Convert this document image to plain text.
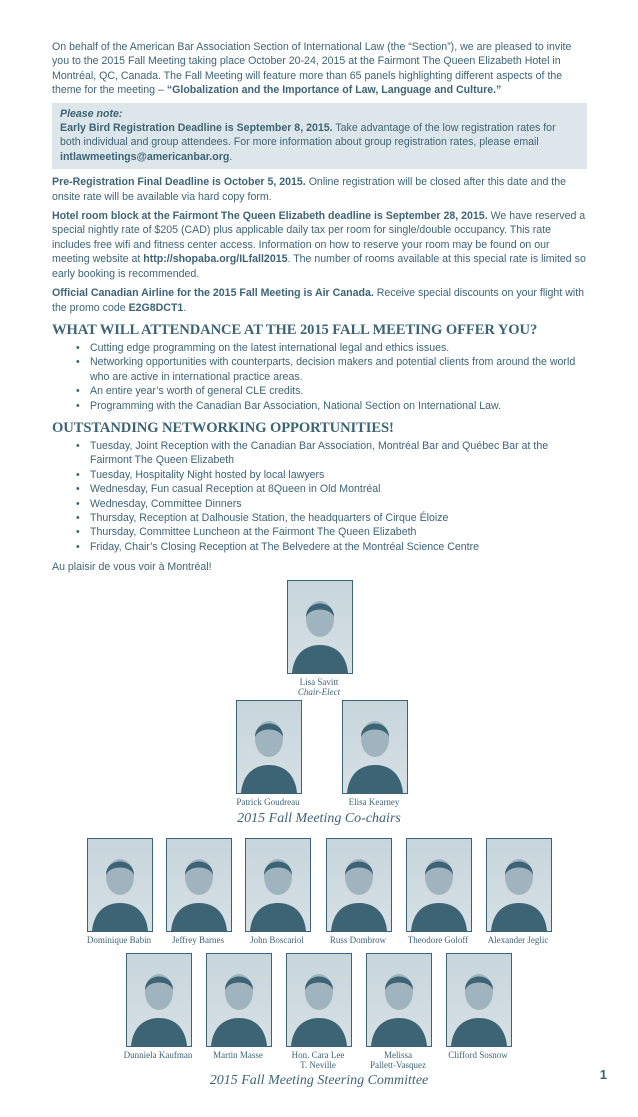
On behalf of the American Bar Association Section of International Law (the “Section”), we are pleased to invite you to the 2015 Fall Meeting taking place October 20-24, 2015 at the Fairmont The Queen Elizabeth Hotel in Montréal, QC, Canada. The Fall Meeting will feature more than 65 panels highlighting different aspects of the theme for the meeting – “Globalization and the Importance of Law, Language and Culture.”

Please note:

Early Bird Registration Deadline is September 8, 2015. Take advantage of the low registration rates for both individual and group attendees. For more information about group registration rates, please email intlawmeetings@americanbar.org.

Pre-Registration Final Deadline is October 5, 2015. Online registration will be closed after this date and the onsite rate will be available via hard copy form.

Hotel room block at the Fairmont The Queen Elizabeth deadline is September 28, 2015. We have reserved a special nightly rate of $205 (CAD) plus applicable daily tax per room for single/double occupancy. This rate includes free wifi and fitness center access. Information on how to reserve your room may be found on our meeting website at http://shopaba.org/ILfall2015. The number of rooms available at this special rate is limited so early booking is recommended.

Official Canadian Airline for the 2015 Fall Meeting is Air Canada. Receive special discounts on your flight with the promo code E2G8DCT1.

WHAT WILL ATTENDANCE AT THE 2015 FALL MEETING OFFER YOU?
• Cutting edge programming on the latest international legal and ethics issues.
• Networking opportunities with counterparts, decision makers and potential clients from around the world who are active in international practice areas.
• An entire year’s worth of general CLE credits.
• Programming with the Canadian Bar Association, National Section on International Law.
OUTSTANDING NETWORKING OPPORTUNITIES!
• Tuesday, Joint Reception with the Canadian Bar Association, Montréal Bar and Québec Bar at the Fairmont The Queen Elizabeth
• Tuesday, Hospitality Night hosted by local lawyers
• Wednesday, Fun casual Reception at 8Queen in Old Montréal
• Wednesday, Committee Dinners
• Thursday, Reception at Dalhousie Station, the headquarters of Cirque Éloize
• Thursday, Committee Luncheon at the Fairmont The Queen Elizabeth
• Friday, Chair’s Closing Reception at The Belvedere at the Montréal Science Centre

Au plaisir de vous voir à Montréal!

Lisa Savitt
Chair-Elect
Patrick Goudreau	Elisa Kearney
2015 Fall Meeting Co-chairs
Dominique Babin	Jeffrey Barnes	John Boscariol	Russ Dombrow	Theodore Goloff	Alexander Jeglic
Dunniela Kaufman	Martin Masse	Hon. Cara Lee
T. Neville
Melissa
Pallett-Vasquez
Clifford Sosnow
2015 Fall Meeting Steering Committee	1
